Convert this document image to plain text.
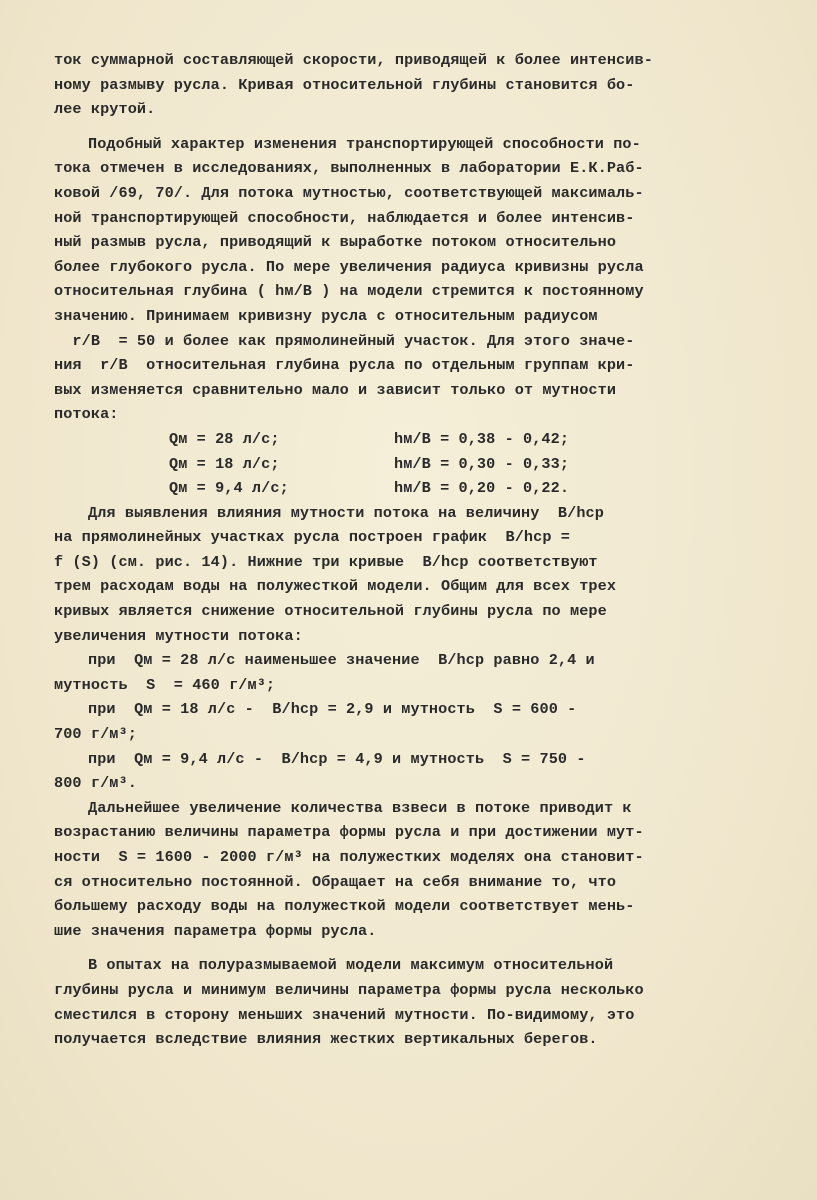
ток суммарной составляющей скорости, приводящей к более интенсив-
ному размыву русла. Кривая относительной глубины становится бо-
лее крутой.
Подобный характер изменения транспортирующей способности по-
тока отмечен в исследованиях, выполненных в лаборатории Е.К.Раб-
ковой /69, 70/. Для потока мутностью, соответствующей максималь-
ной транспортирующей способности, наблюдается и более интенсив-
ный размыв русла, приводящий к выработке потоком относительно
более глубокого русла. По мере увеличения радиуса кривизны русла
относительная глубина ( hм/B ) на модели стремится к постоянному
значению. Принимаем кривизну русла с относительным радиусом
r/B  = 50 и более как прямолинейный участок. Для этого значе-
ния  r/B  относительная глубина русла по отдельным группам кри-
вых изменяется сравнительно мало и зависит только от мутности
потока:
Qм = 28 л/с;	hм/B = 0,38 - 0,42;
Qм = 18 л/с;	hм/B = 0,30 - 0,33;
Qм = 9,4 л/с;	hм/B = 0,20 - 0,22.
Для выявления влияния мутности потока на величину  B/hср
на прямолинейных участках русла построен график  B/hср =
f (S) (см. рис. 14). Нижние три кривые  B/hср соответствуют
трем расходам воды на полужесткой модели. Общим для всех трех
кривых является снижение относительной глубины русла по мере
увеличения мутности потока:
при  Qм = 28 л/с наименьшее значение  B/hср равно 2,4 и
мутность  S  = 460 г/м³;
при  Qм = 18 л/с -  B/hср = 2,9 и мутность  S = 600 -
700 г/м³;
при  Qм = 9,4 л/с -  B/hср = 4,9 и мутность  S = 750 -
800 г/м³.
Дальнейшее увеличение количества взвеси в потоке приводит к
возрастанию величины параметра формы русла и при достижении мут-
ности  S = 1600 - 2000 г/м³ на полужестких моделях она становит-
ся относительно постоянной. Обращает на себя внимание то, что
большему расходу воды на полужесткой модели соответствует мень-
шие значения параметра формы русла.
В опытах на полуразмываемой модели максимум относительной
глубины русла и минимум величины параметра формы русла несколько
сместился в сторону меньших значений мутности. По-видимому, это
получается вследствие влияния жестких вертикальных берегов.
